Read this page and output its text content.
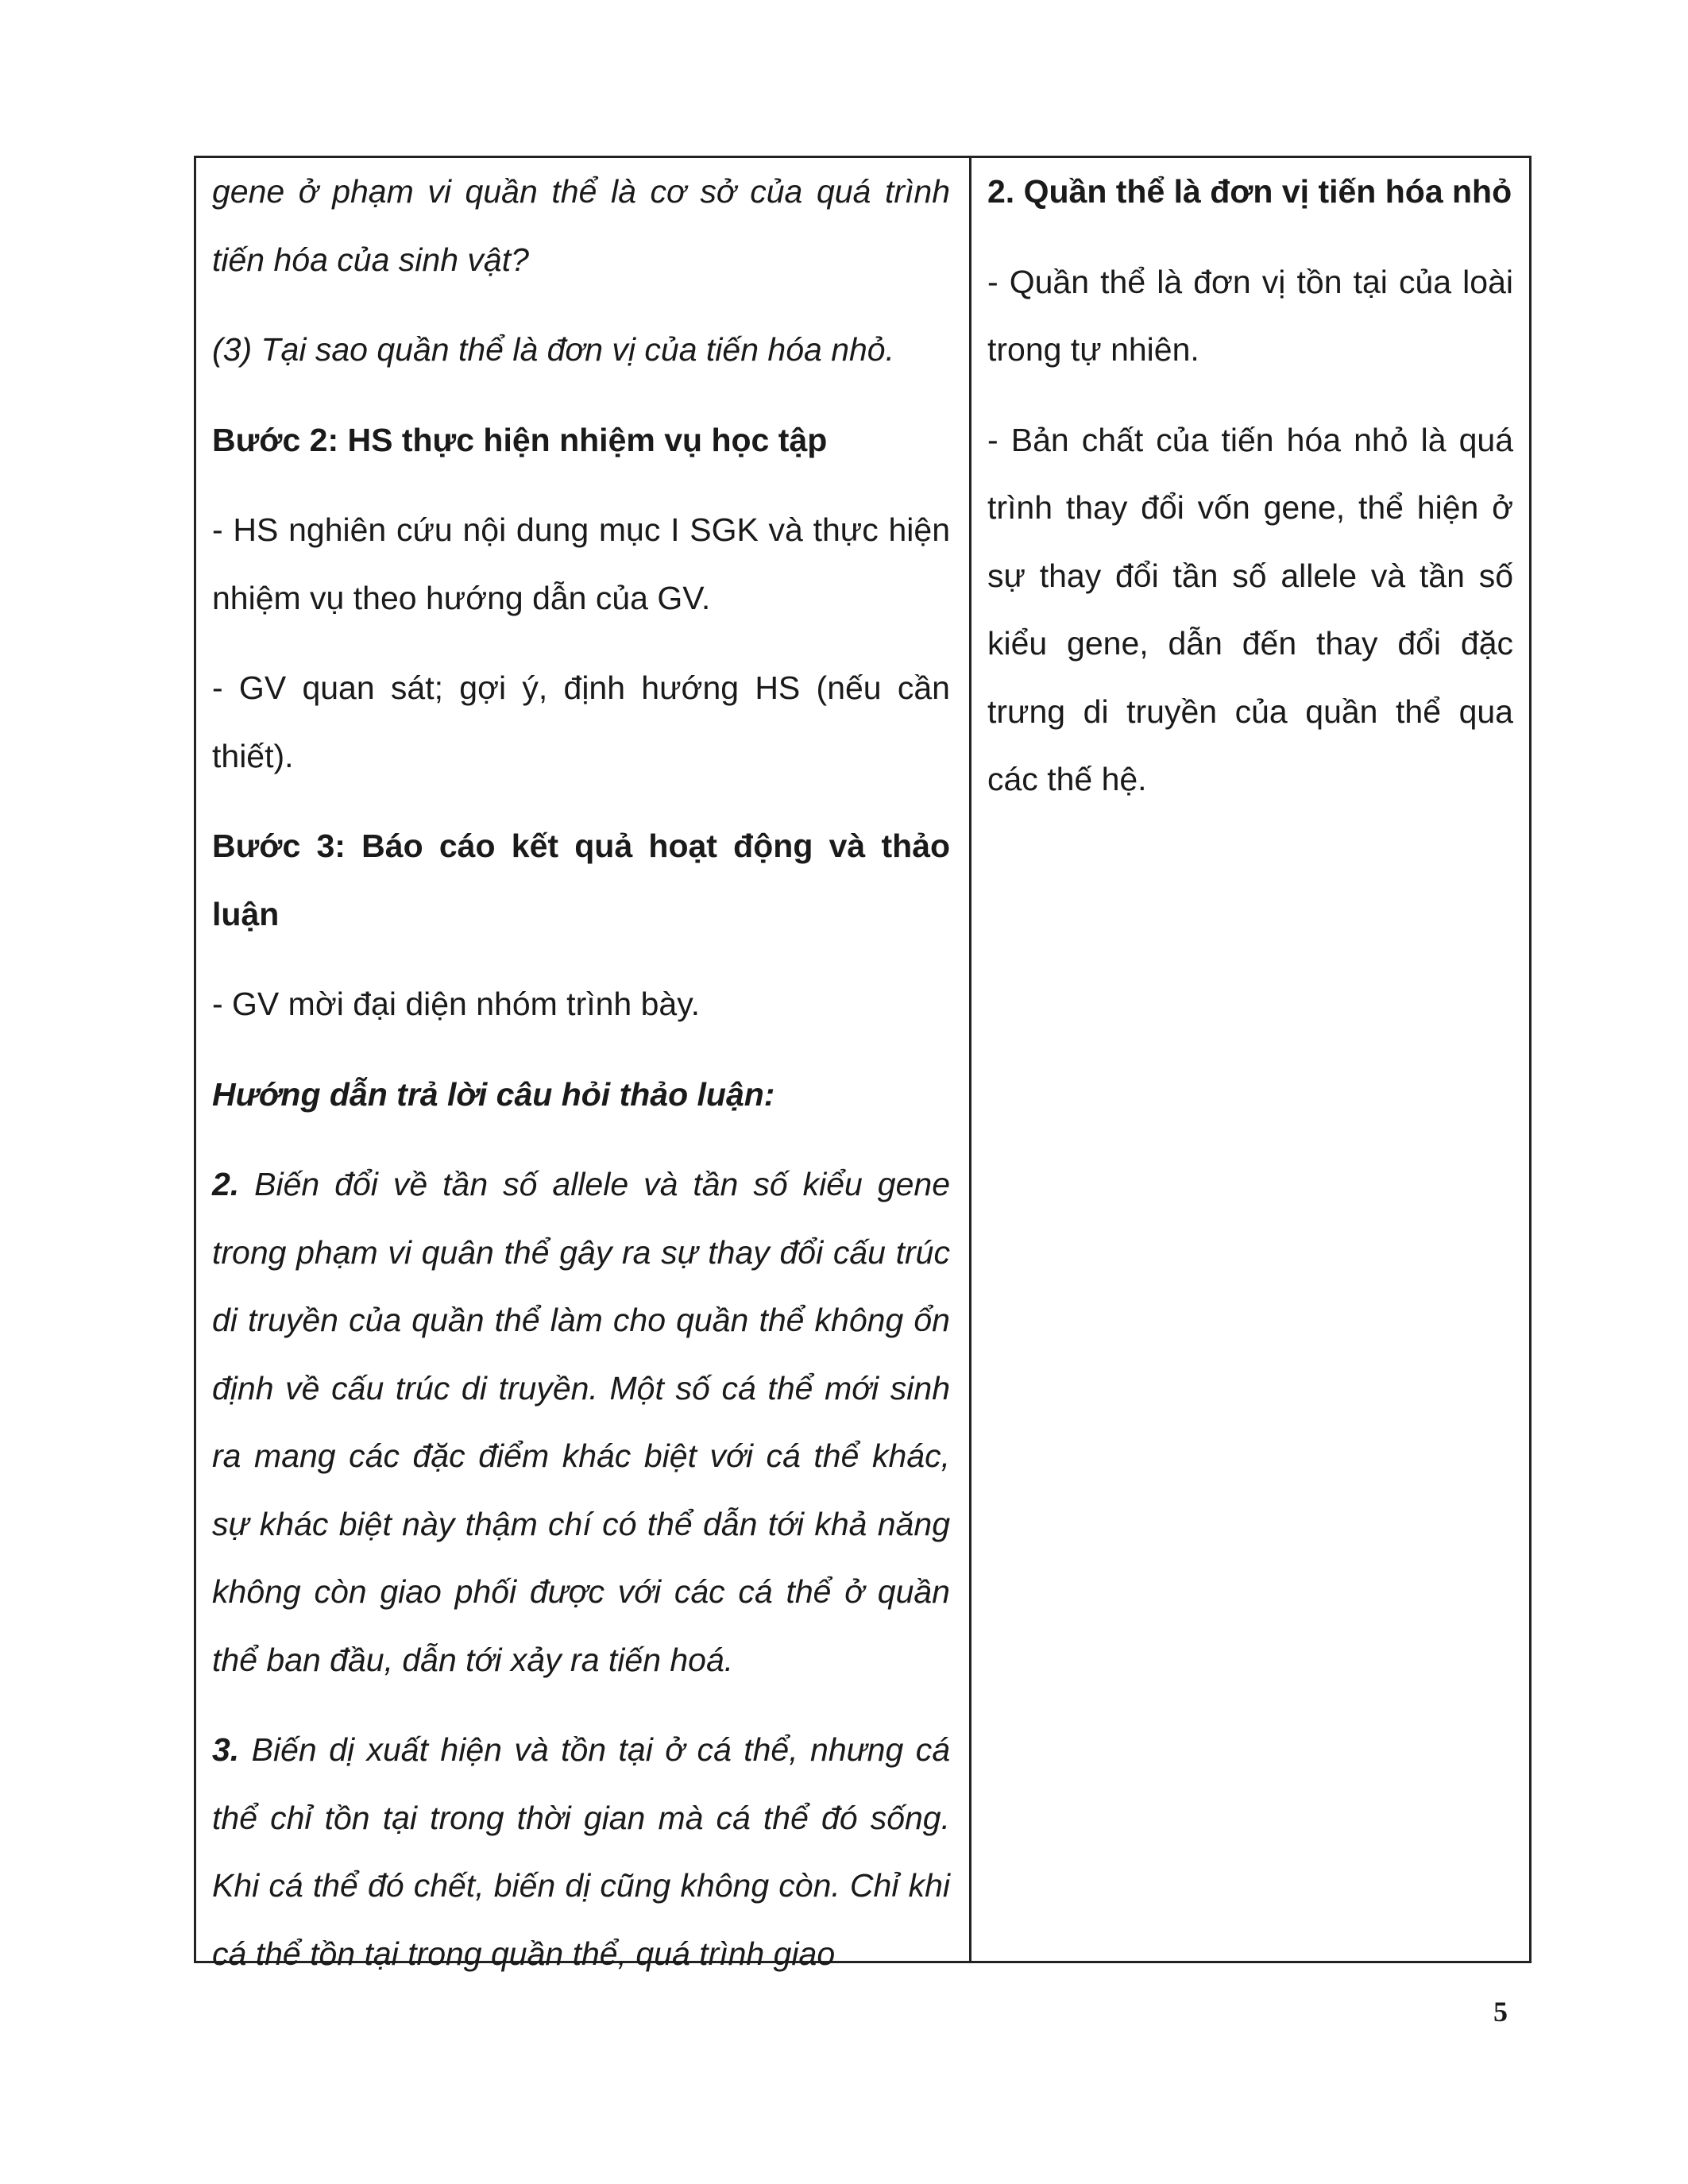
gene ở phạm vi quần thể là cơ sở của quá trình tiến hóa của sinh vật?

(3) Tại sao quần thể là đơn vị của tiến hóa nhỏ.

Bước 2: HS thực hiện nhiệm vụ học tập

- HS nghiên cứu nội dung mục I SGK và thực hiện nhiệm vụ theo hướng dẫn của GV.

- GV quan sát; gợi ý, định hướng HS (nếu cần thiết).

Bước 3: Báo cáo kết quả hoạt động và thảo luận

- GV mời đại diện nhóm trình bày.

Hướng dẫn trả lời câu hỏi thảo luận:

2. Biến đổi về tần số allele và tần số kiểu gene trong phạm vi quân thể gây ra sự thay đổi cấu trúc di truyền của quần thể làm cho quần thể không ổn định về cấu trúc di truyền. Một số cá thể mới sinh ra mang các đặc điểm khác biệt với cá thể khác, sự khác biệt này thậm chí có thể dẫn tới khả năng không còn giao phối được với các cá thể ở quần thể ban đầu, dẫn tới xảy ra tiến hoá.

3. Biến dị xuất hiện và tồn tại ở cá thể, nhưng cá thể chỉ tồn tại trong thời gian mà cá thể đó sống. Khi cá thể đó chết, biến dị cũng không còn. Chỉ khi cá thể tồn tại trong quần thể, quá trình giao

2. Quần thể là đơn vị tiến hóa nhỏ

- Quần thể là đơn vị tồn tại của loài trong tự nhiên.

- Bản chất của tiến hóa nhỏ là quá trình thay đổi vốn gene, thể hiện ở sự thay đổi tần số allele và tần số kiểu gene, dẫn đến thay đổi đặc trưng di truyền của quần thể qua các thế hệ.

5
